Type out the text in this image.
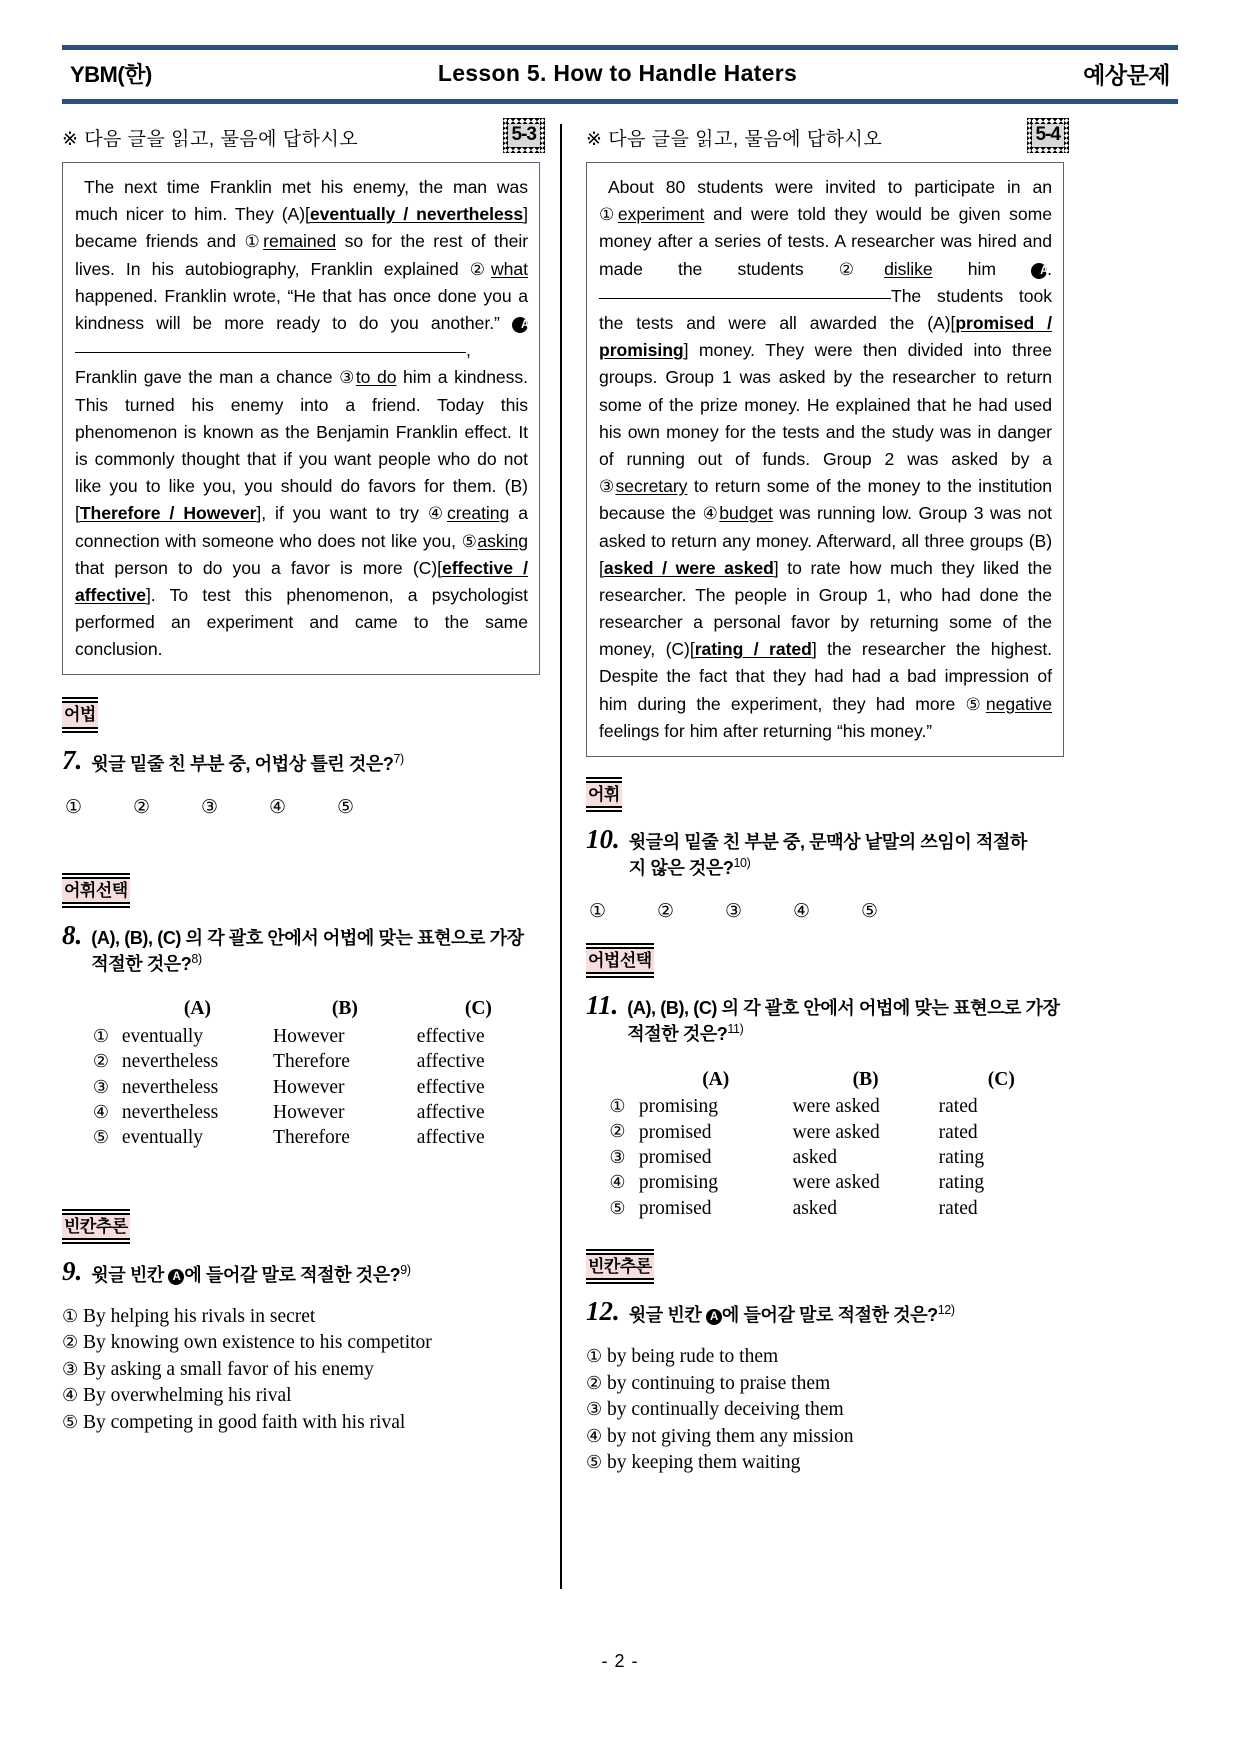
YBM(한)	Lesson 5. How to Handle Haters	예상문제
※ 다음 글을 읽고, 물음에 답하시오	5-3

The next time Franklin met his enemy, the man was much nicer to him. They (A)[eventually / nevertheless] became friends and ①remained so for the rest of their lives. In his autobiography, Franklin explained ②what happened. Franklin wrote, “He that has once done you a kindness will be more ready to do you another.” A, Franklin gave the man a chance ③to do him a kindness. This turned his enemy into a friend. Today this phenomenon is known as the Benjamin Franklin effect. It is commonly thought that if you want people who do not like you to like you, you should do favors for them. (B)[Therefore / However], if you want to try ④creating a connection with someone who does not like you, ⑤asking that person to do you a favor is more (C)[effective / affective]. To test this phenomenon, a psychologist performed an experiment and came to the same conclusion.

어법
7. 윗글 밑줄 친 부분 중, 어법상 틀린 것은?$^{7)}$
①	②	③	④	⑤
어휘선택
8. (A), (B), (C) 의 각 괄호 안에서 어법에 맞는 표현으로 가장 적절한 것은?$^{8)}$
	(A)	(B)	(C)
①	eventually	However	effective
②	nevertheless	Therefore	affective
③	nevertheless	However	effective
④	nevertheless	However	affective
⑤	eventually	Therefore	affective
빈칸추론
9. 윗글 빈칸 A 에 들어갈 말로 적절한 것은?$^{9)}$
① By helping his rivals in secret
② By knowing own existence to his competitor
③ By asking a small favor of his enemy
④ By overwhelming his rival
⑤ By competing in good faith with his rival
※ 다음 글을 읽고, 물음에 답하시오	5-4

About 80 students were invited to participate in an ①experiment and were told they would be given some money after a series of tests. A researcher was hired and made the students ②dislike him A.The students took the tests and were all awarded the (A)[promised / promising] money. They were then divided into three groups. Group 1 was asked by the researcher to return some of the prize money. He explained that he had used his own money for the tests and the study was in danger of running out of funds. Group 2 was asked by a ③secretary to return some of the money to the institution because the ④budget was running low. Group 3 was not asked to return any money. Afterward, all three groups (B)[asked / were asked] to rate how much they liked the researcher. The people in Group 1, who had done the researcher a personal favor by returning some of the money, (C)[rating / rated] the researcher the highest. Despite the fact that they had had a bad impression of him during the experiment, they had more ⑤negative feelings for him after returning “his money.”

어휘
10. 윗글의 밑줄 친 부분 중, 문맥상 낱말의 쓰임이 적절하지 않은 것은?$^{10)}$
①	②	③	④	⑤
어법선택
11. (A), (B), (C) 의 각 괄호 안에서 어법에 맞는 표현으로 가장 적절한 것은?$^{11)}$
	(A)	(B)	(C)
①	promising	were asked	rated
②	promised	were asked	rated
③	promised	asked	rating
④	promising	were asked	rating
⑤	promised	asked	rated
빈칸추론
12. 윗글 빈칸 A 에 들어갈 말로 적절한 것은?$^{12)}$
① by being rude to them
② by continuing to praise them
③ by continually deceiving them
④ by not giving them any mission
⑤ by keeping them waiting
- 2 -
